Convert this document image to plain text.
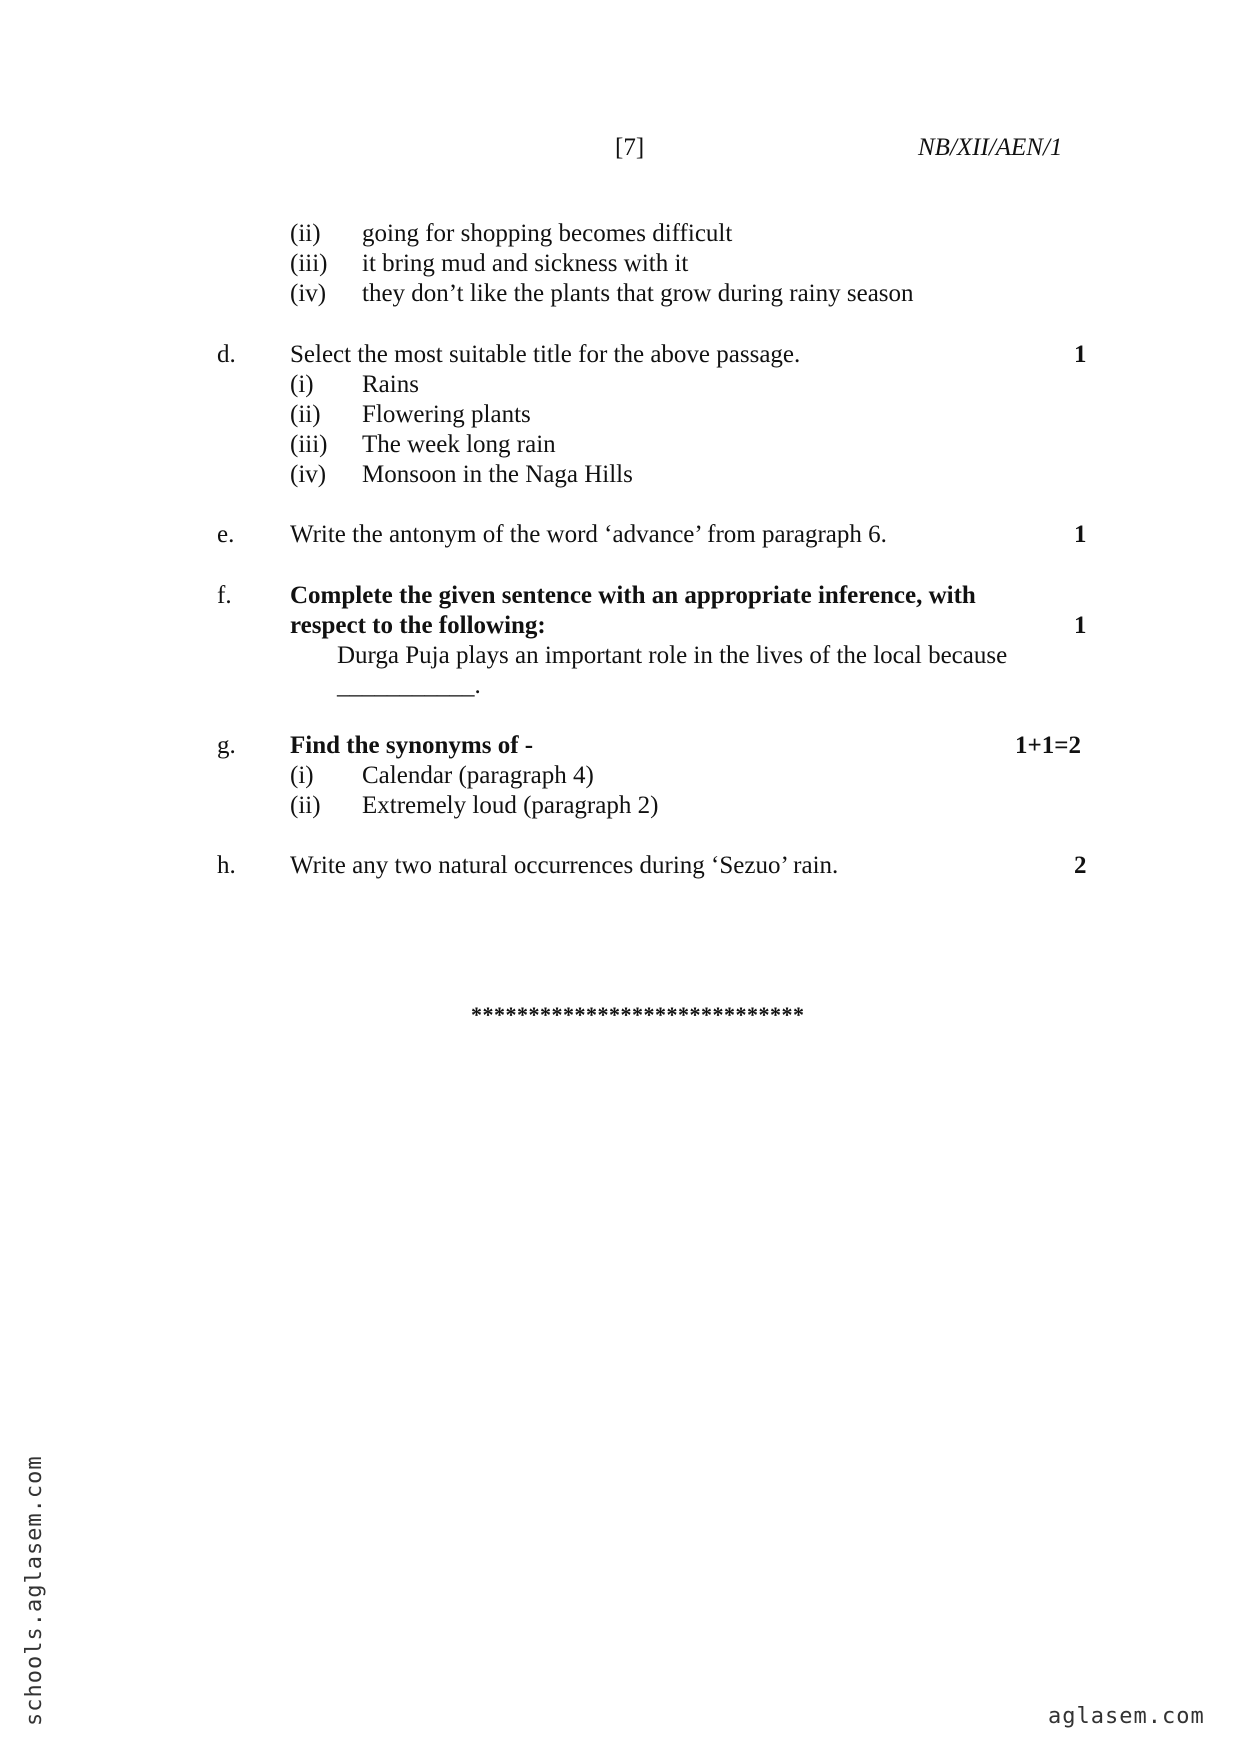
[7]	NB/XII/AEN/1
(ii) going for shopping becomes difficult
(iii) it bring mud and sickness with it
(iv) they don’t like the plants that grow during rainy season
d. Select the most suitable title for the above passage.	1
(i) Rains
(ii) Flowering plants
(iii) The week long rain
(iv) Monsoon in the Naga Hills
e. Write the antonym of the word ‘advance’ from paragraph 6.	1
f. Complete the given sentence with an appropriate inference, with
respect to the following:	1
Durga Puja plays an important role in the lives of the local because
___________.
g. Find the synonyms of -	1+1=2
(i) Calendar (paragraph 4)
(ii) Extremely loud (paragraph 2)
h. Write any two natural occurrences during ‘Sezuo’ rain.	2
*****************************
schools.aglasem.com	aglasem.com
